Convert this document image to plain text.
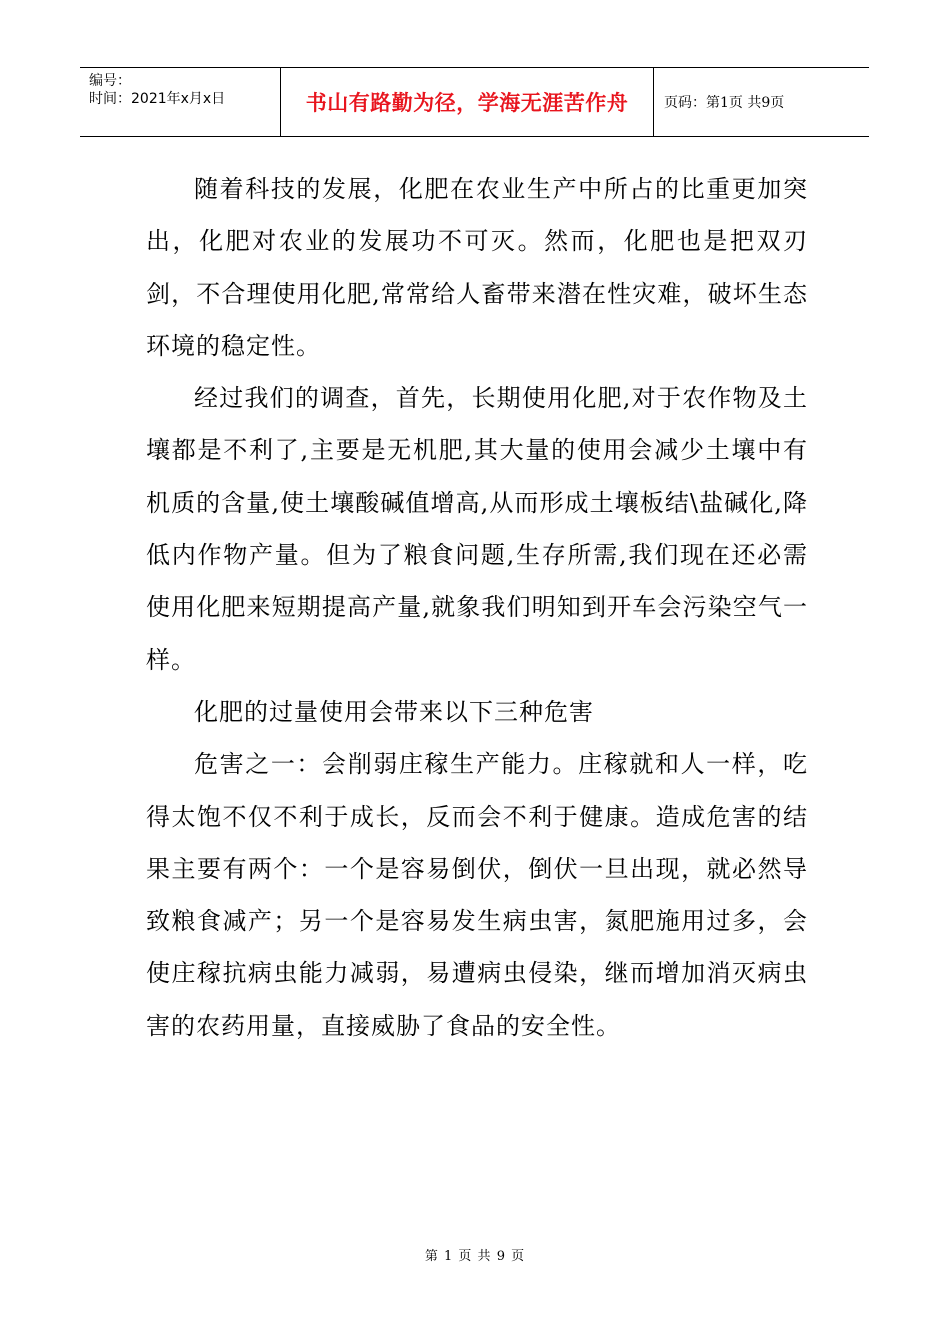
编号：
时间：2021年x月x日	书山有路勤为径，学海无涯苦作舟	页码：第1页 共9页

随着科技的发展，化肥在农业生产中所占的比重更加突出，化肥对农业的发展功不可灭。然而，化肥也是把双刃剑，不合理使用化肥,常常给人畜带来潜在性灾难，破坏生态环境的稳定性。

经过我们的调查，首先，长期使用化肥,对于农作物及土壤都是不利了,主要是无机肥,其大量的使用会减少土壤中有机质的含量,使土壤酸碱值增高,从而形成土壤板结\盐碱化,降低内作物产量。但为了粮食问题,生存所需,我们现在还必需使用化肥来短期提高产量,就象我们明知到开车会污染空气一样。

化肥的过量使用会带来以下三种危害

危害之一：会削弱庄稼生产能力。庄稼就和人一样，吃得太饱不仅不利于成长，反而会不利于健康。造成危害的结果主要有两个：一个是容易倒伏，倒伏一旦出现，就必然导致粮食减产；另一个是容易发生病虫害，氮肥施用过多，会使庄稼抗病虫能力减弱，易遭病虫侵染，继而增加消灭病虫害的农药用量，直接威胁了食品的安全性。

第 1 页 共 9 页
